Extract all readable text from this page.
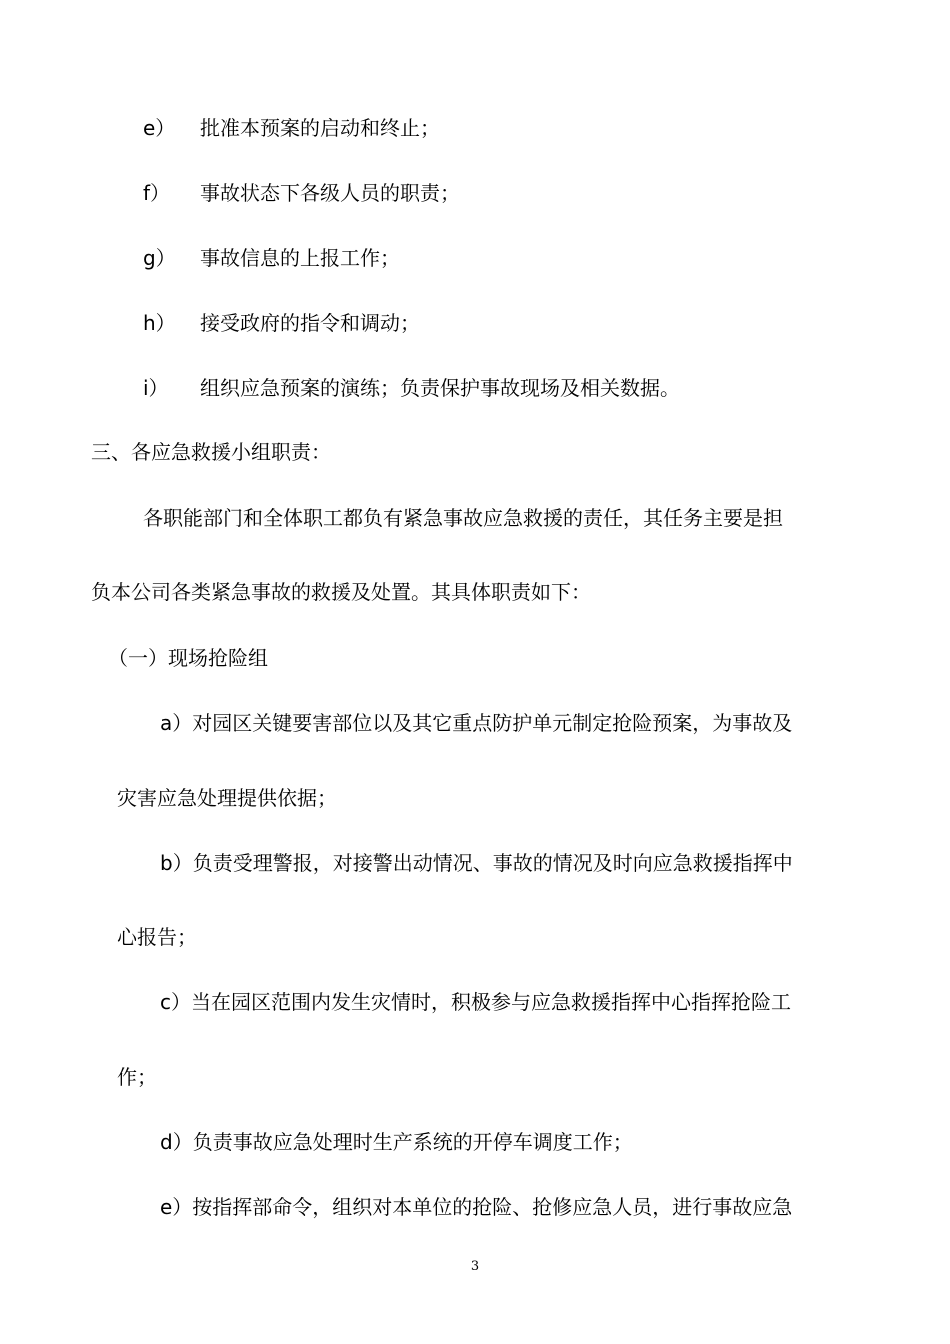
e） 批准本预案的启动和终止；
f） 事故状态下各级人员的职责；
g） 事故信息的上报工作；
h） 接受政府的指令和调动；
i） 组织应急预案的演练；负责保护事故现场及相关数据。

三、各应急救援小组职责：

各职能部门和全体职工都负有紧急事故应急救援的责任，其任务主要是担

负本公司各类紧急事故的救援及处置。其具体职责如下：

（一）现场抢险组

a）对园区关键要害部位以及其它重点防护单元制定抢险预案，为事故及

灾害应急处理提供依据；

b）负责受理警报，对接警出动情况、事故的情况及时向应急救援指挥中

心报告；

c）当在园区范围内发生灾情时，积极参与应急救援指挥中心指挥抢险工

作；

d）负责事故应急处理时生产系统的开停车调度工作；

e）按指挥部命令，组织对本单位的抢险、抢修应急人员，进行事故应急

3
